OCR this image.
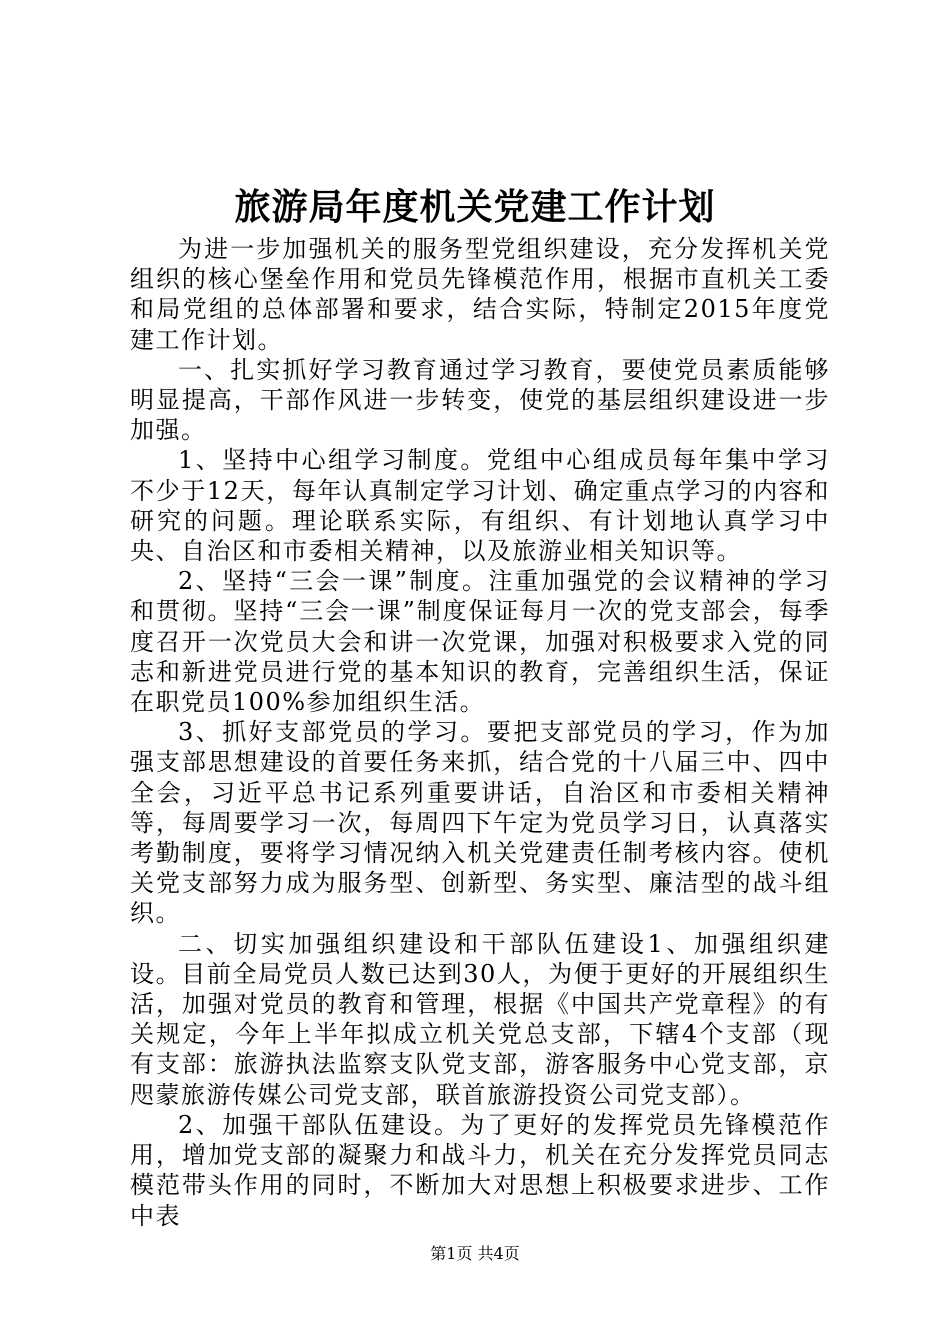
旅游局年度机关党建工作计划

为进一步加强机关的服务型党组织建设，充分发挥机关党组织的核心堡垒作用和党员先锋模范作用，根据市直机关工委和局党组的总体部署和要求，结合实际，特制定2015年度党建工作计划。

一、扎实抓好学习教育通过学习教育，要使党员素质能够明显提高，干部作风进一步转变，使党的基层组织建设进一步加强。

1、坚持中心组学习制度。党组中心组成员每年集中学习不少于12天，每年认真制定学习计划、确定重点学习的内容和研究的问题。理论联系实际，有组织、有计划地认真学习中央、自治区和市委相关精神，以及旅游业相关知识等。

2、坚持“三会一课”制度。注重加强党的会议精神的学习和贯彻。坚持“三会一课”制度保证每月一次的党支部会，每季度召开一次党员大会和讲一次党课，加强对积极要求入党的同志和新进党员进行党的基本知识的教育，完善组织生活，保证在职党员100%参加组织生活。

3、抓好支部党员的学习。要把支部党员的学习，作为加强支部思想建设的首要任务来抓，结合党的十八届三中、四中全会，习近平总书记系列重要讲话，自治区和市委相关精神等，每周要学习一次，每周四下午定为党员学习日，认真落实考勤制度，要将学习情况纳入机关党建责任制考核内容。使机关党支部努力成为服务型、创新型、务实型、廉洁型的战斗组织。

二、切实加强组织建设和干部队伍建设1、加强组织建设。目前全局党员人数已达到30人，为便于更好的开展组织生活，加强对党员的教育和管理，根据《中国共产党章程》的有关规定，今年上半年拟成立机关党总支部，下辖4个支部（现有支部：旅游执法监察支队党支部，游客服务中心党支部，京咫蒙旅游传媒公司党支部，联首旅游投资公司党支部）。

2、加强干部队伍建设。为了更好的发挥党员先锋模范作用，增加党支部的凝聚力和战斗力，机关在充分发挥党员同志模范带头作用的同时，不断加大对思想上积极要求进步、工作中表

第1页 共4页
